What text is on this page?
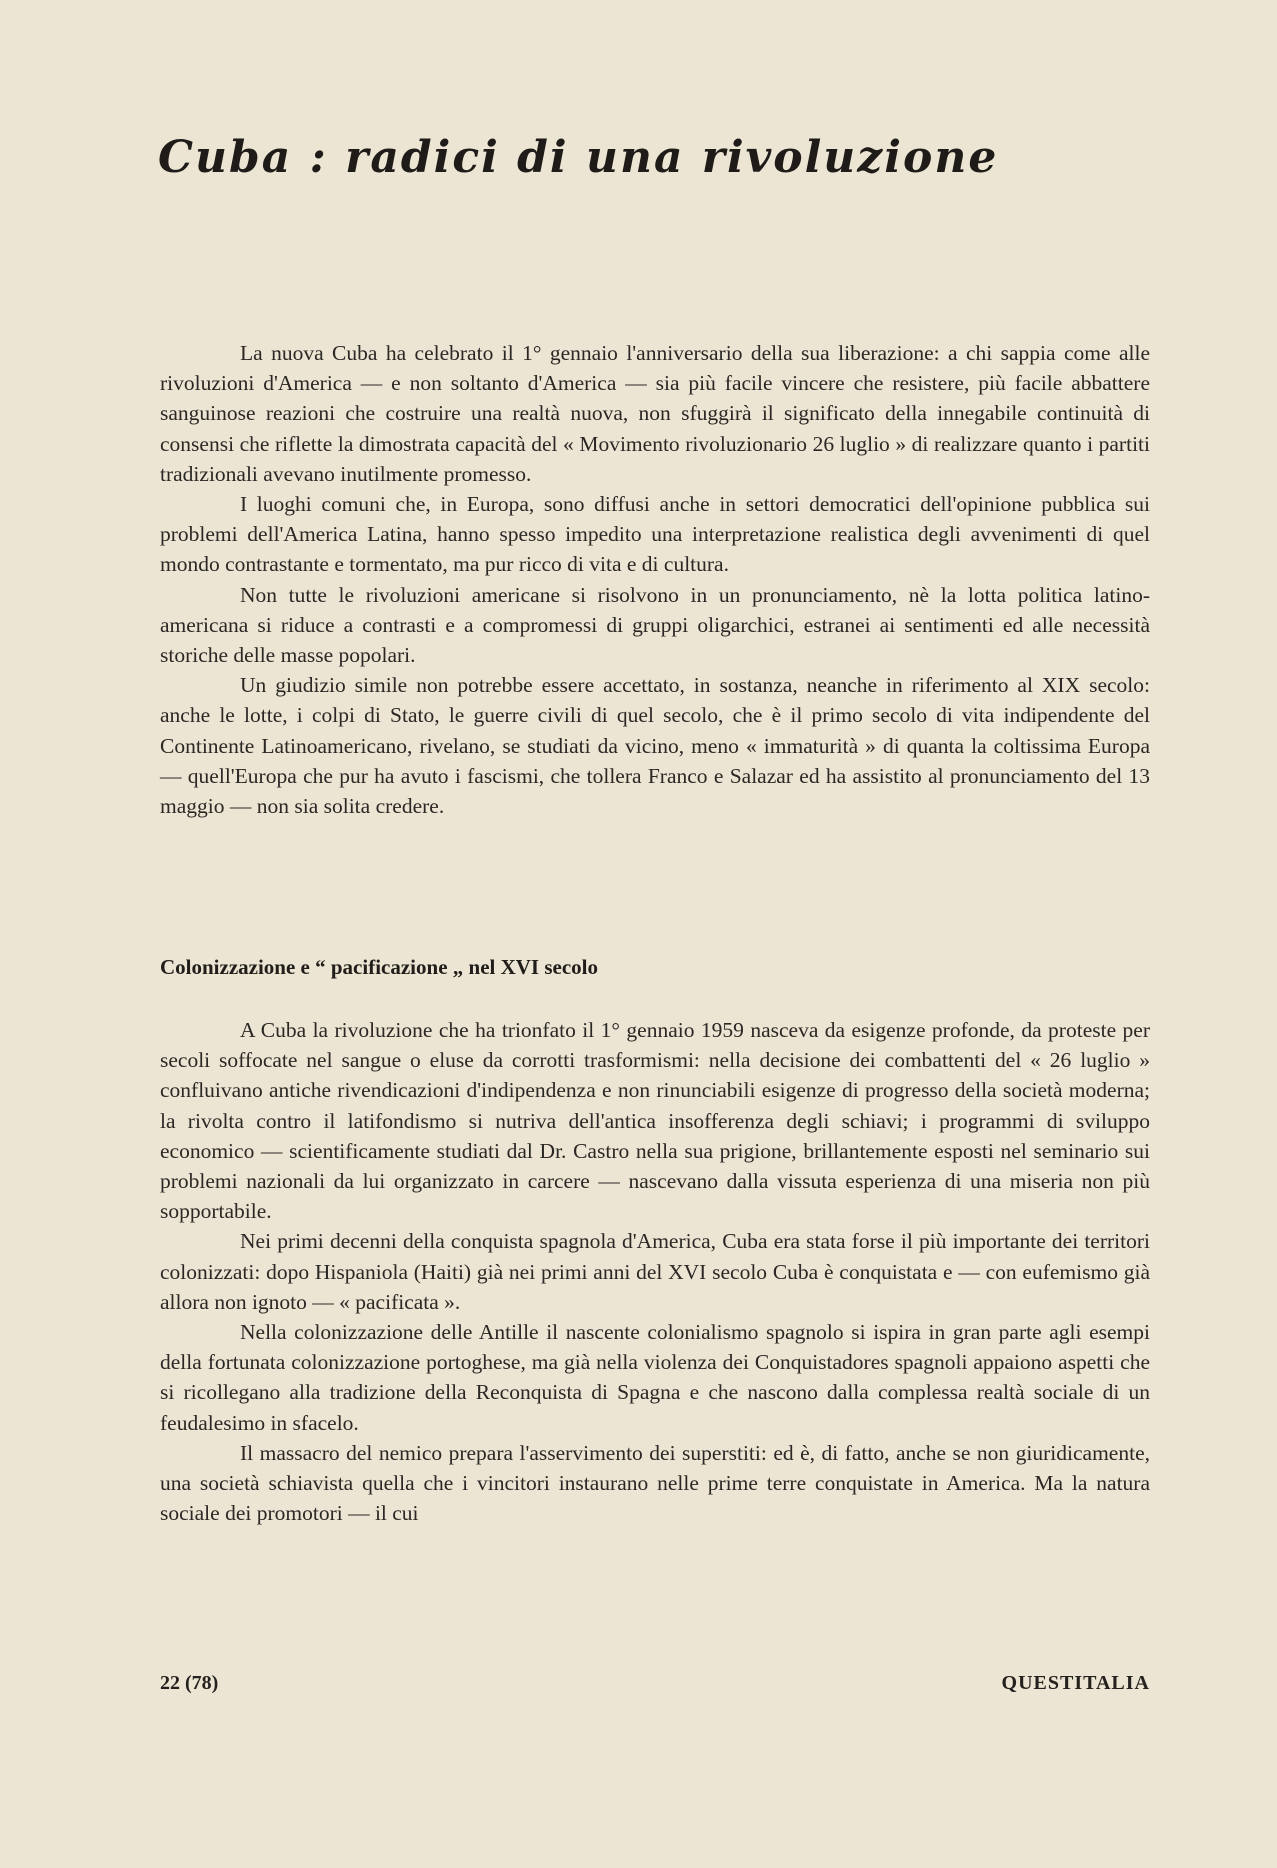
Cuba : radici di una rivoluzione

La nuova Cuba ha celebrato il 1° gennaio l'anniversario della sua liberazione: a chi sappia come alle rivoluzioni d'America — e non soltanto d'America — sia più facile vincere che resistere, più facile abbattere sanguinose reazioni che costruire una realtà nuova, non sfuggirà il significato della innegabile continuità di consensi che riflette la dimostrata capacità del « Movimento rivoluzionario 26 luglio » di realizzare quanto i partiti tradizionali avevano inutilmente promesso.

I luoghi comuni che, in Europa, sono diffusi anche in settori democratici dell'opinione pubblica sui problemi dell'America Latina, hanno spesso impedito una interpretazione realistica degli avvenimenti di quel mondo contrastante e tormentato, ma pur ricco di vita e di cultura.

Non tutte le rivoluzioni americane si risolvono in un pronunciamento, nè la lotta politica latino-americana si riduce a contrasti e a compromessi di gruppi oligarchici, estranei ai sentimenti ed alle necessità storiche delle masse popolari.

Un giudizio simile non potrebbe essere accettato, in sostanza, neanche in riferimento al XIX secolo: anche le lotte, i colpi di Stato, le guerre civili di quel secolo, che è il primo secolo di vita indipendente del Continente Latinoamericano, rivelano, se studiati da vicino, meno « immaturità » di quanta la coltissima Europa — quell'Europa che pur ha avuto i fascismi, che tollera Franco e Salazar ed ha assistito al pronunciamento del 13 maggio — non sia solita credere.

Colonizzazione e “ pacificazione „ nel XVI secolo

A Cuba la rivoluzione che ha trionfato il 1° gennaio 1959 nasceva da esigenze profonde, da proteste per secoli soffocate nel sangue o eluse da corrotti trasformismi: nella decisione dei combattenti del « 26 luglio » confluivano antiche rivendicazioni d'indipendenza e non rinunciabili esigenze di progresso della società moderna; la rivolta contro il latifondismo si nutriva dell'antica insofferenza degli schiavi; i programmi di sviluppo economico — scientificamente studiati dal Dr. Castro nella sua prigione, brillantemente esposti nel seminario sui problemi nazionali da lui organizzato in carcere — nascevano dalla vissuta esperienza di una miseria non più sopportabile.

Nei primi decenni della conquista spagnola d'America, Cuba era stata forse il più importante dei territori colonizzati: dopo Hispaniola (Haiti) già nei primi anni del XVI secolo Cuba è conquistata e — con eufemismo già allora non ignoto — « pacificata ».

Nella colonizzazione delle Antille il nascente colonialismo spagnolo si ispira in gran parte agli esempi della fortunata colonizzazione portoghese, ma già nella violenza dei Conquistadores spagnoli appaiono aspetti che si ricollegano alla tradizione della Reconquista di Spagna e che nascono dalla complessa realtà sociale di un feudalesimo in sfacelo.

Il massacro del nemico prepara l'asservimento dei superstiti: ed è, di fatto, anche se non giuridicamente, una società schiavista quella che i vincitori instaurano nelle prime terre conquistate in America. Ma la natura sociale dei promotori — il cui

22 (78)	QUESTITALIA
